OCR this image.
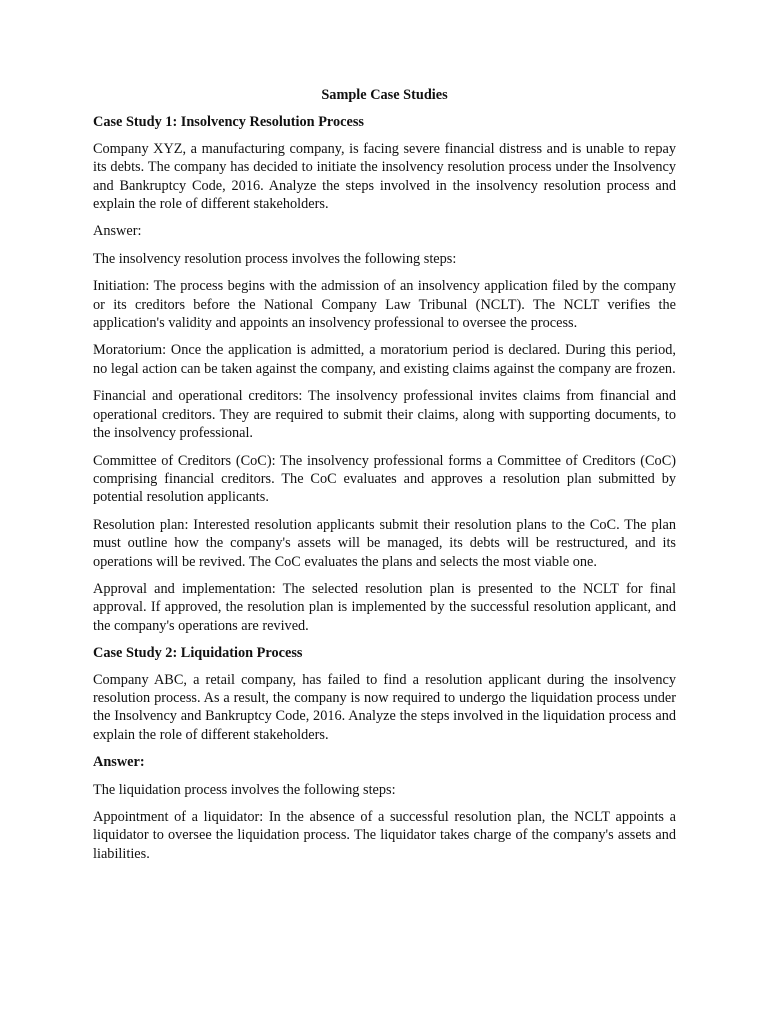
Sample Case Studies
Case Study 1: Insolvency Resolution Process
Company XYZ, a manufacturing company, is facing severe financial distress and is unable to repay its debts. The company has decided to initiate the insolvency resolution process under the Insolvency and Bankruptcy Code, 2016. Analyze the steps involved in the insolvency resolution process and explain the role of different stakeholders.
Answer:
The insolvency resolution process involves the following steps:
Initiation: The process begins with the admission of an insolvency application filed by the company or its creditors before the National Company Law Tribunal (NCLT). The NCLT verifies the application's validity and appoints an insolvency professional to oversee the process.
Moratorium: Once the application is admitted, a moratorium period is declared. During this period, no legal action can be taken against the company, and existing claims against the company are frozen.
Financial and operational creditors: The insolvency professional invites claims from financial and operational creditors. They are required to submit their claims, along with supporting documents, to the insolvency professional.
Committee of Creditors (CoC): The insolvency professional forms a Committee of Creditors (CoC) comprising financial creditors. The CoC evaluates and approves a resolution plan submitted by potential resolution applicants.
Resolution plan: Interested resolution applicants submit their resolution plans to the CoC. The plan must outline how the company's assets will be managed, its debts will be restructured, and its operations will be revived. The CoC evaluates the plans and selects the most viable one.
Approval and implementation: The selected resolution plan is presented to the NCLT for final approval. If approved, the resolution plan is implemented by the successful resolution applicant, and the company's operations are revived.
Case Study 2: Liquidation Process
Company ABC, a retail company, has failed to find a resolution applicant during the insolvency resolution process. As a result, the company is now required to undergo the liquidation process under the Insolvency and Bankruptcy Code, 2016. Analyze the steps involved in the liquidation process and explain the role of different stakeholders.
Answer:
The liquidation process involves the following steps:
Appointment of a liquidator: In the absence of a successful resolution plan, the NCLT appoints a liquidator to oversee the liquidation process. The liquidator takes charge of the company's assets and liabilities.
